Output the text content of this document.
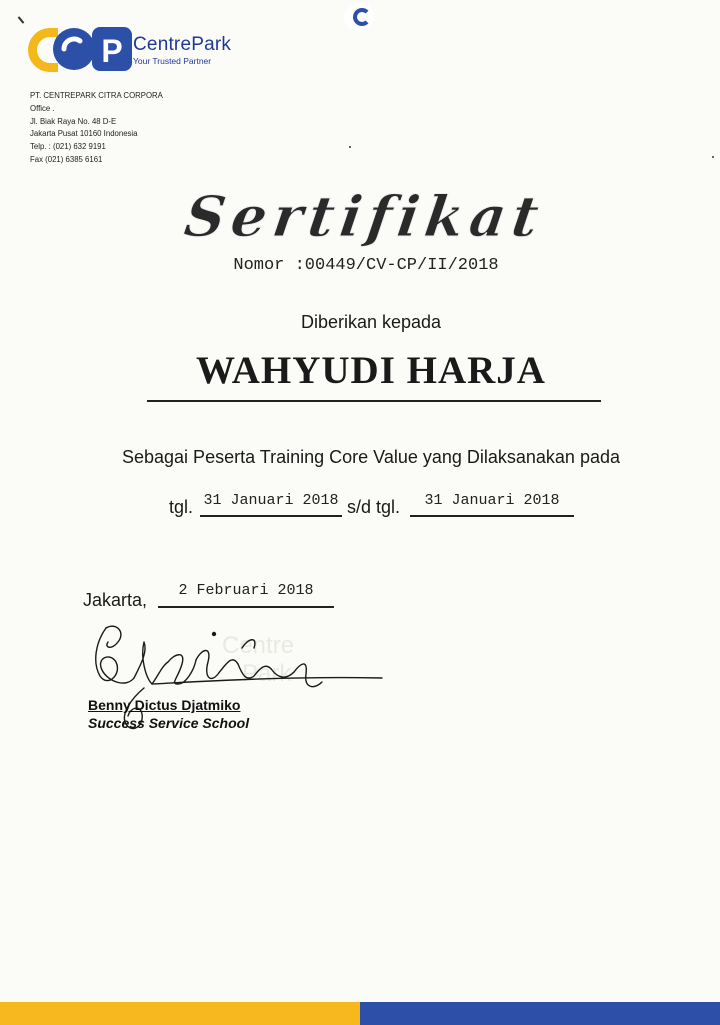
P CentrePark
Your Trusted Partner
PT. CENTREPARK CITRA CORPORA
Office .
Jl. Biak Raya No. 48 D-E
Jakarta Pusat 10160 Indonesia
Telp. : (021) 632 9191
Fax (021) 6385 6161
Sertifikat
Nomor :00449/CV-CP/II/2018
Diberikan kepada
WAHYUDI HARJA
Sebagai Peserta Training Core Value yang Dilaksanakan pada
tgl. 31 Januari 2018 s/d tgl.	31 Januari 2018
Jakarta,	2 Februari 2018
Centre
Park
Benny Dictus Djatmiko
Success Service School
